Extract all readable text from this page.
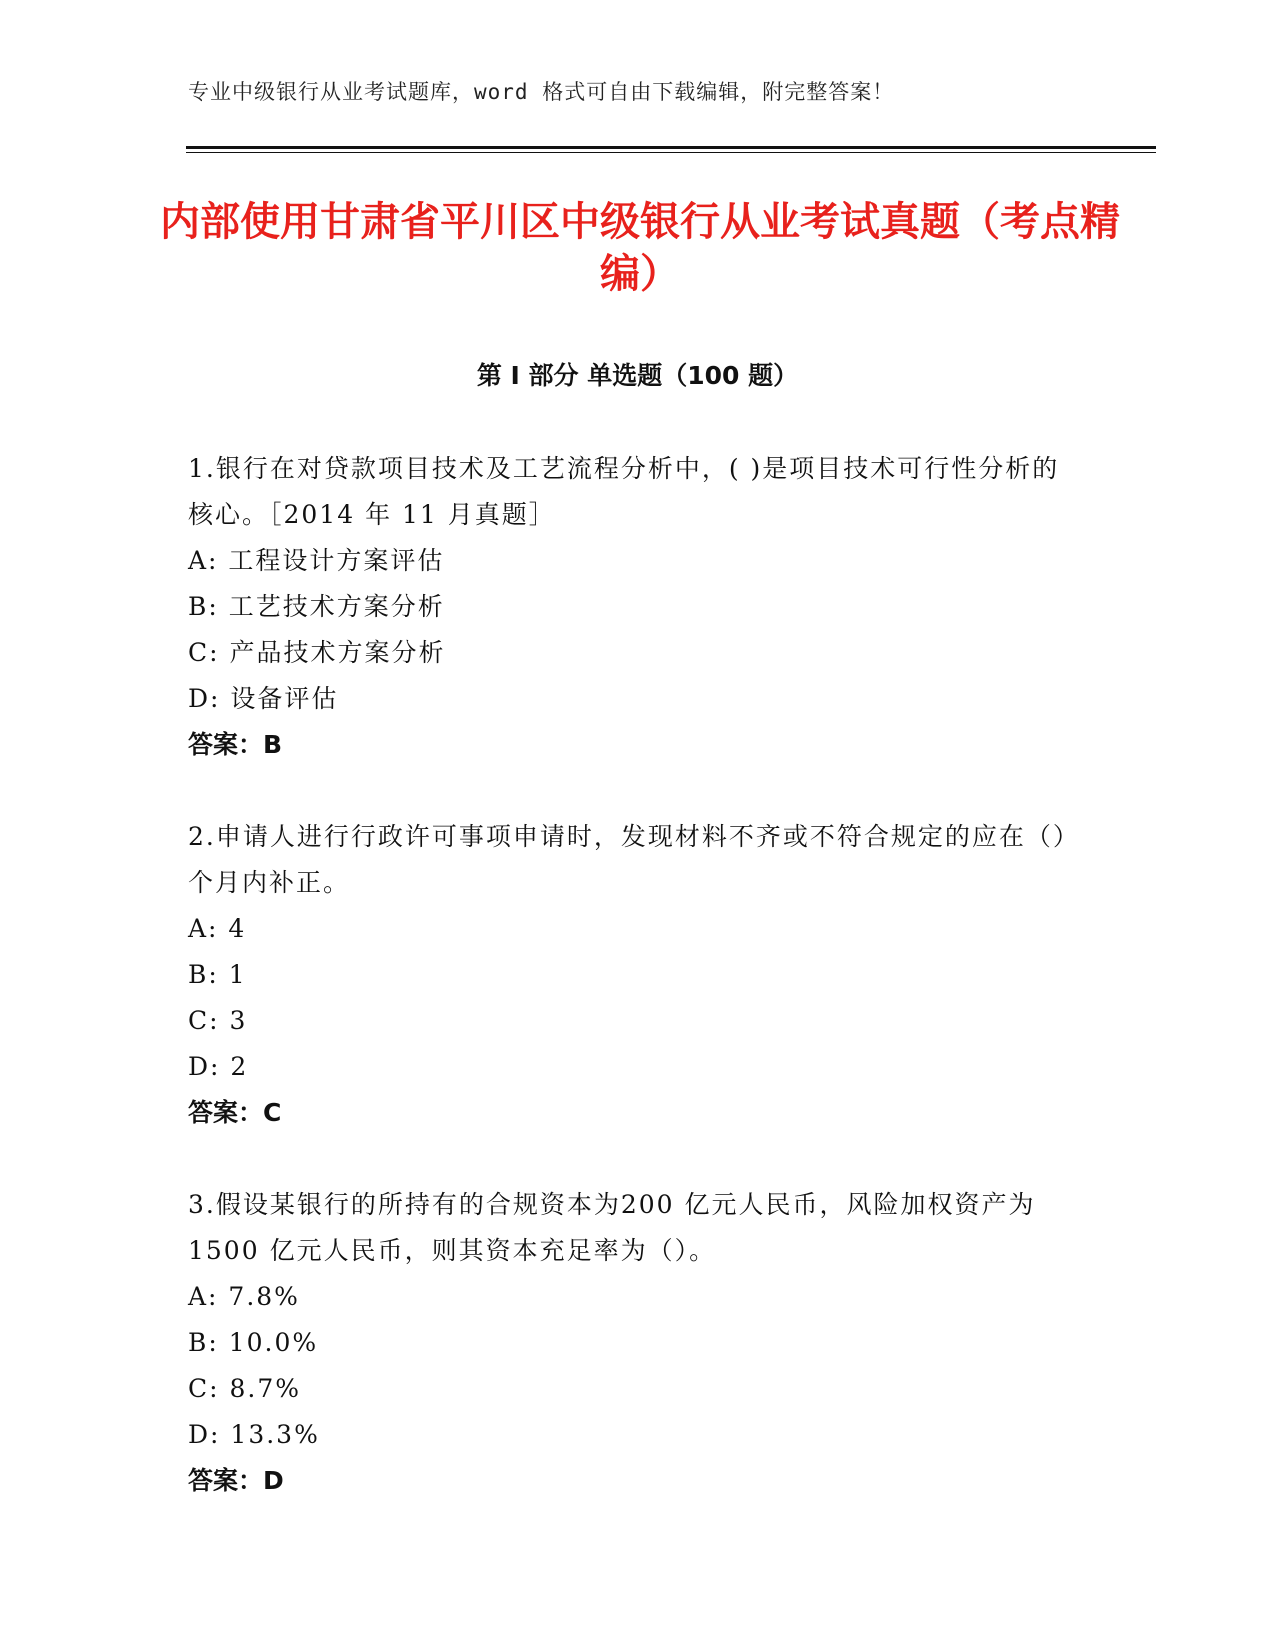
专业中级银行从业考试题库，word 格式可自由下载编辑，附完整答案！
内部使用甘肃省平川区中级银行从业考试真题（考点精编）
第 I 部分 单选题（100 题）

1.银行在对贷款项目技术及工艺流程分析中，( )是项目技术可行性分析的核心。［2014 年 11 月真题］

A: 工程设计方案评估
B: 工艺技术方案分析
C: 产品技术方案分析
D: 设备评估
答案：B

2.申请人进行行政许可事项申请时，发现材料不齐或不符合规定的应在（）个月内补正。

A: 4
B: 1
C: 3
D: 2
答案：C

3.假设某银行的所持有的合规资本为200 亿元人民币，风险加权资产为1500 亿元人民币，则其资本充足率为（）。

A: 7.8%
B: 10.0%
C: 8.7%
D: 13.3%
答案：D
